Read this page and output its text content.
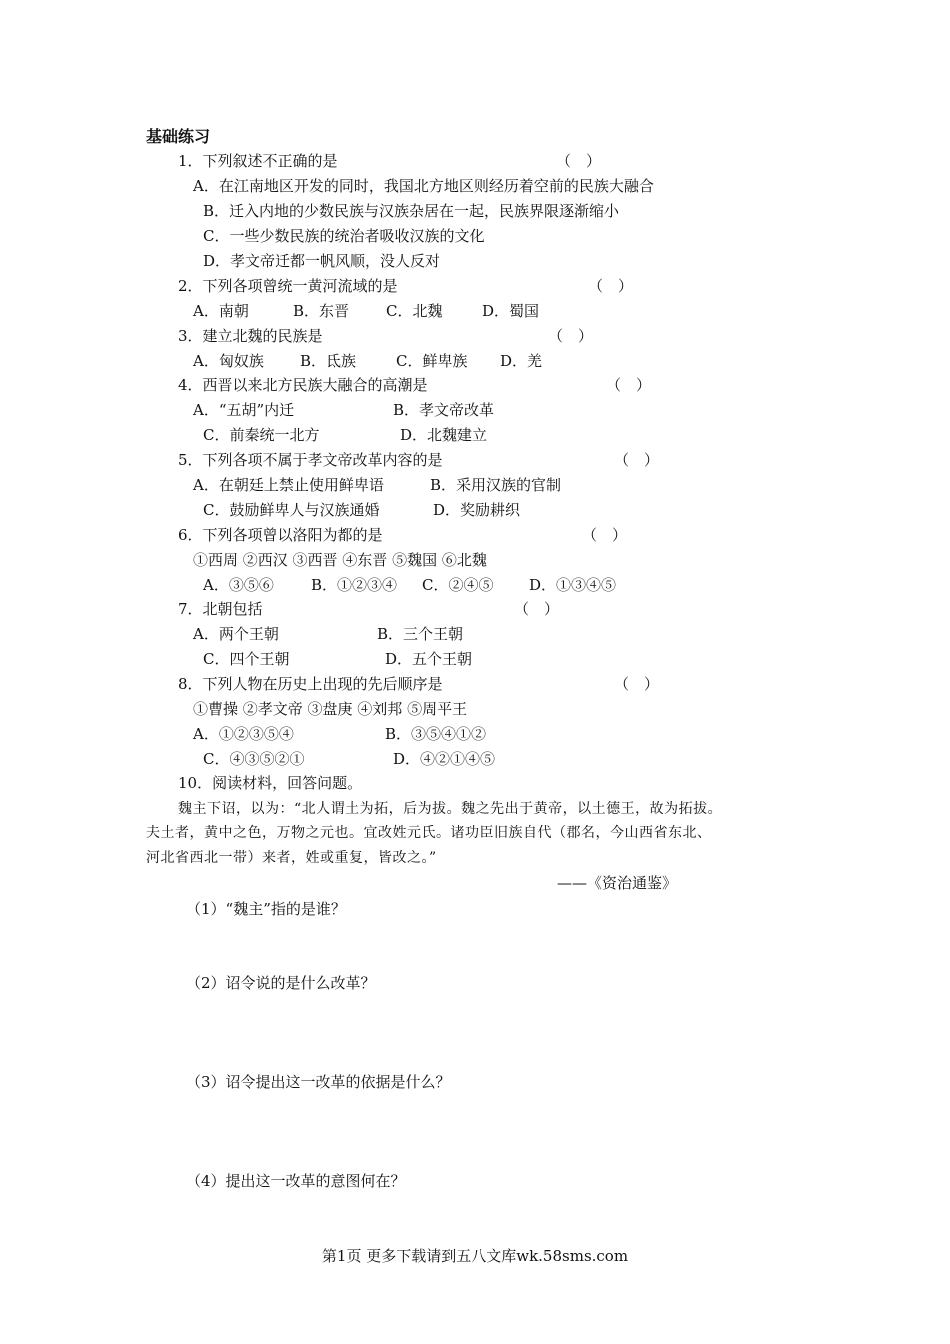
基础练习
1．下列叙述不正确的是	（　）
A．在江南地区开发的同时，我国北方地区则经历着空前的民族大融合
B．迁入内地的少数民族与汉族杂居在一起，民族界限逐渐缩小
C．一些少数民族的统治者吸收汉族的文化
D．孝文帝迁都一帆风顺，没人反对
2．下列各项曾统一黄河流域的是	（　）
A．南朝	B．东晋 C．北魏	D．蜀国
3．建立北魏的民族是	（　）
A．匈奴族 B．氐族	C．鲜卑族 D．羌
4．西晋以来北方民族大融合的高潮是	（　）
A．“五胡”内迁	B．孝文帝改革
C．前秦统一北方	D．北魏建立
5．下列各项不属于孝文帝改革内容的是	（　）
A．在朝廷上禁止使用鲜卑语	B．采用汉族的官制
C．鼓励鲜卑人与汉族通婚	D．奖励耕织
6．下列各项曾以洛阳为都的是	（　）
①西周 ②西汉 ③西晋 ④东晋 ⑤魏国 ⑥北魏
A．③⑤⑥ B．①②③④ C．②④⑤ D．①③④⑤
7．北朝包括	（　）
A．两个王朝	B．三个王朝
C．四个王朝	D．五个王朝
8．下列人物在历史上出现的先后顺序是	（　）
①曹操 ②孝文帝 ③盘庚 ④刘邦 ⑤周平王
A．①②③⑤④	B．③⑤④①②
C．④③⑤②①	D．④②①④⑤
10．阅读材料，回答问题。
魏主下诏，以为：“北人谓土为拓，后为拔。魏之先出于黄帝，以土德王，故为拓拔。
夫土者，黄中之色，万物之元也。宜改姓元氏。诸功臣旧族自代（郡名，今山西省东北、
河北省西北一带）来者，姓或重复，皆改之。”
——《资治通鉴》
（1）“魏主”指的是谁？
（2）诏令说的是什么改革？
（3）诏令提出这一改革的依据是什么？
（4）提出这一改革的意图何在？
第1页 更多下载请到五八文库wk.58sms.com
